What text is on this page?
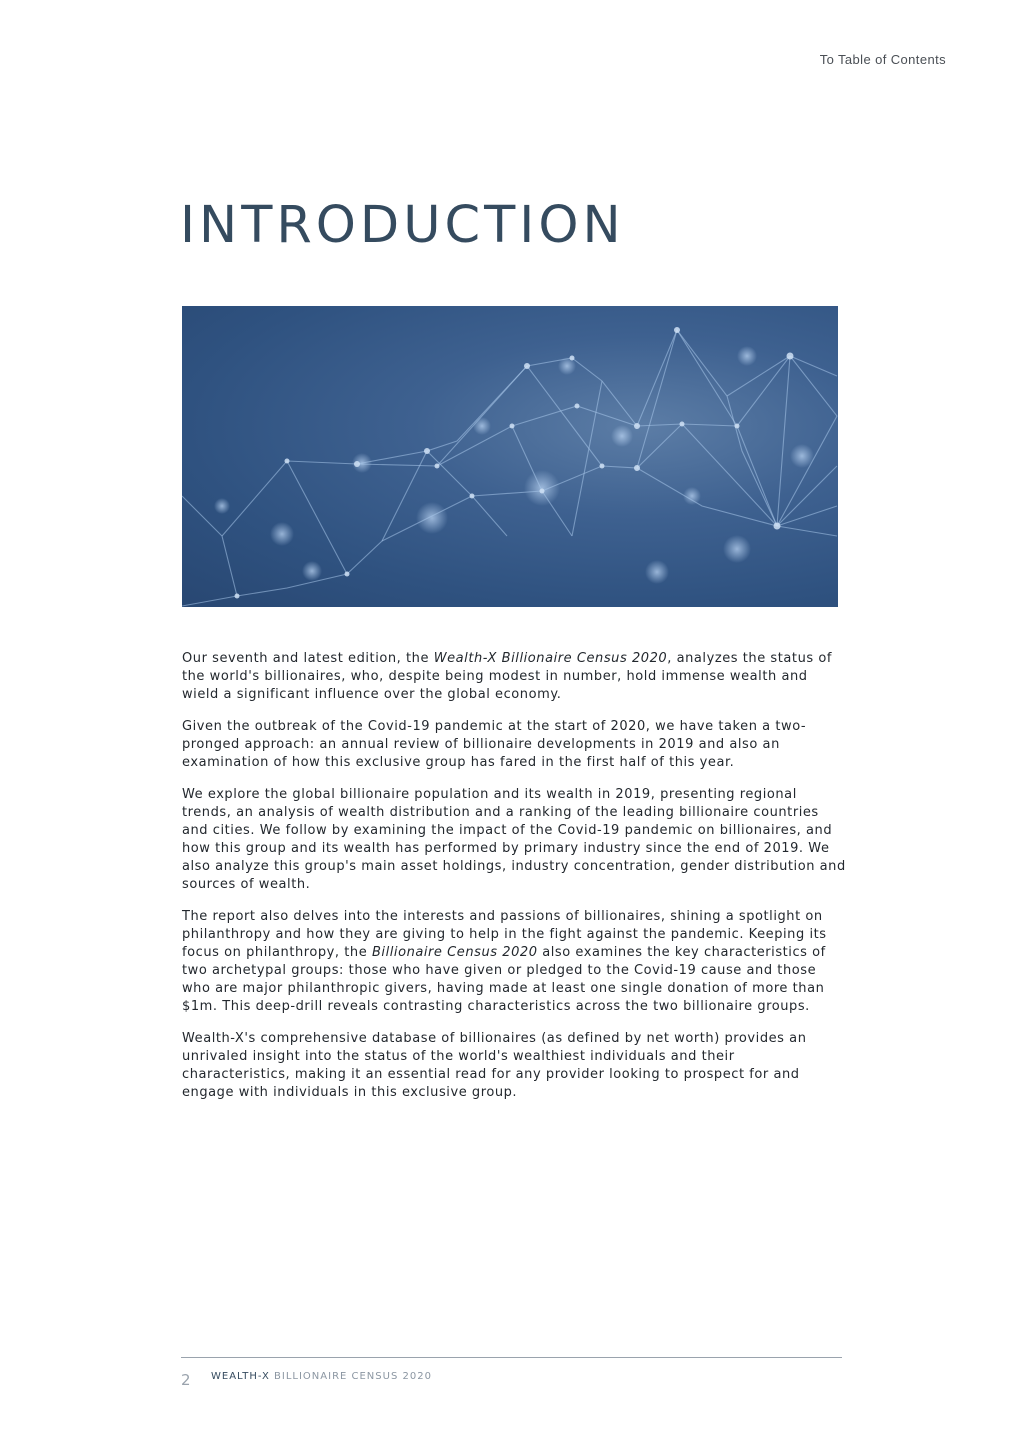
To Table of Contents
INTRODUCTION

Our seventh and latest edition, the Wealth-X Billionaire Census 2020, analyzes the status of the world's billionaires, who, despite being modest in number, hold immense wealth and wield a significant influence over the global economy.

Given the outbreak of the Covid-19 pandemic at the start of 2020, we have taken a two-pronged approach: an annual review of billionaire developments in 2019 and also an examination of how this exclusive group has fared in the first half of this year.

We explore the global billionaire population and its wealth in 2019, presenting regional trends, an analysis of wealth distribution and a ranking of the leading billionaire countries and cities. We follow by examining the impact of the Covid-19 pandemic on billionaires, and how this group and its wealth has performed by primary industry since the end of 2019. We also analyze this group's main asset holdings, industry concentration, gender distribution and sources of wealth.

The report also delves into the interests and passions of billionaires, shining a spotlight on philanthropy and how they are giving to help in the fight against the pandemic. Keeping its focus on philanthropy, the Billionaire Census 2020 also examines the key characteristics of two archetypal groups: those who have given or pledged to the Covid-19 cause and those who are major philanthropic givers, having made at least one single donation of more than $1m. This deep-drill reveals contrasting characteristics across the two billionaire groups.

Wealth-X's comprehensive database of billionaires (as defined by net worth) provides an unrivaled insight into the status of the world's wealthiest individuals and their characteristics, making it an essential read for any provider looking to prospect for and engage with individuals in this exclusive group.

2 WEALTH-X BILLIONAIRE CENSUS 2020
